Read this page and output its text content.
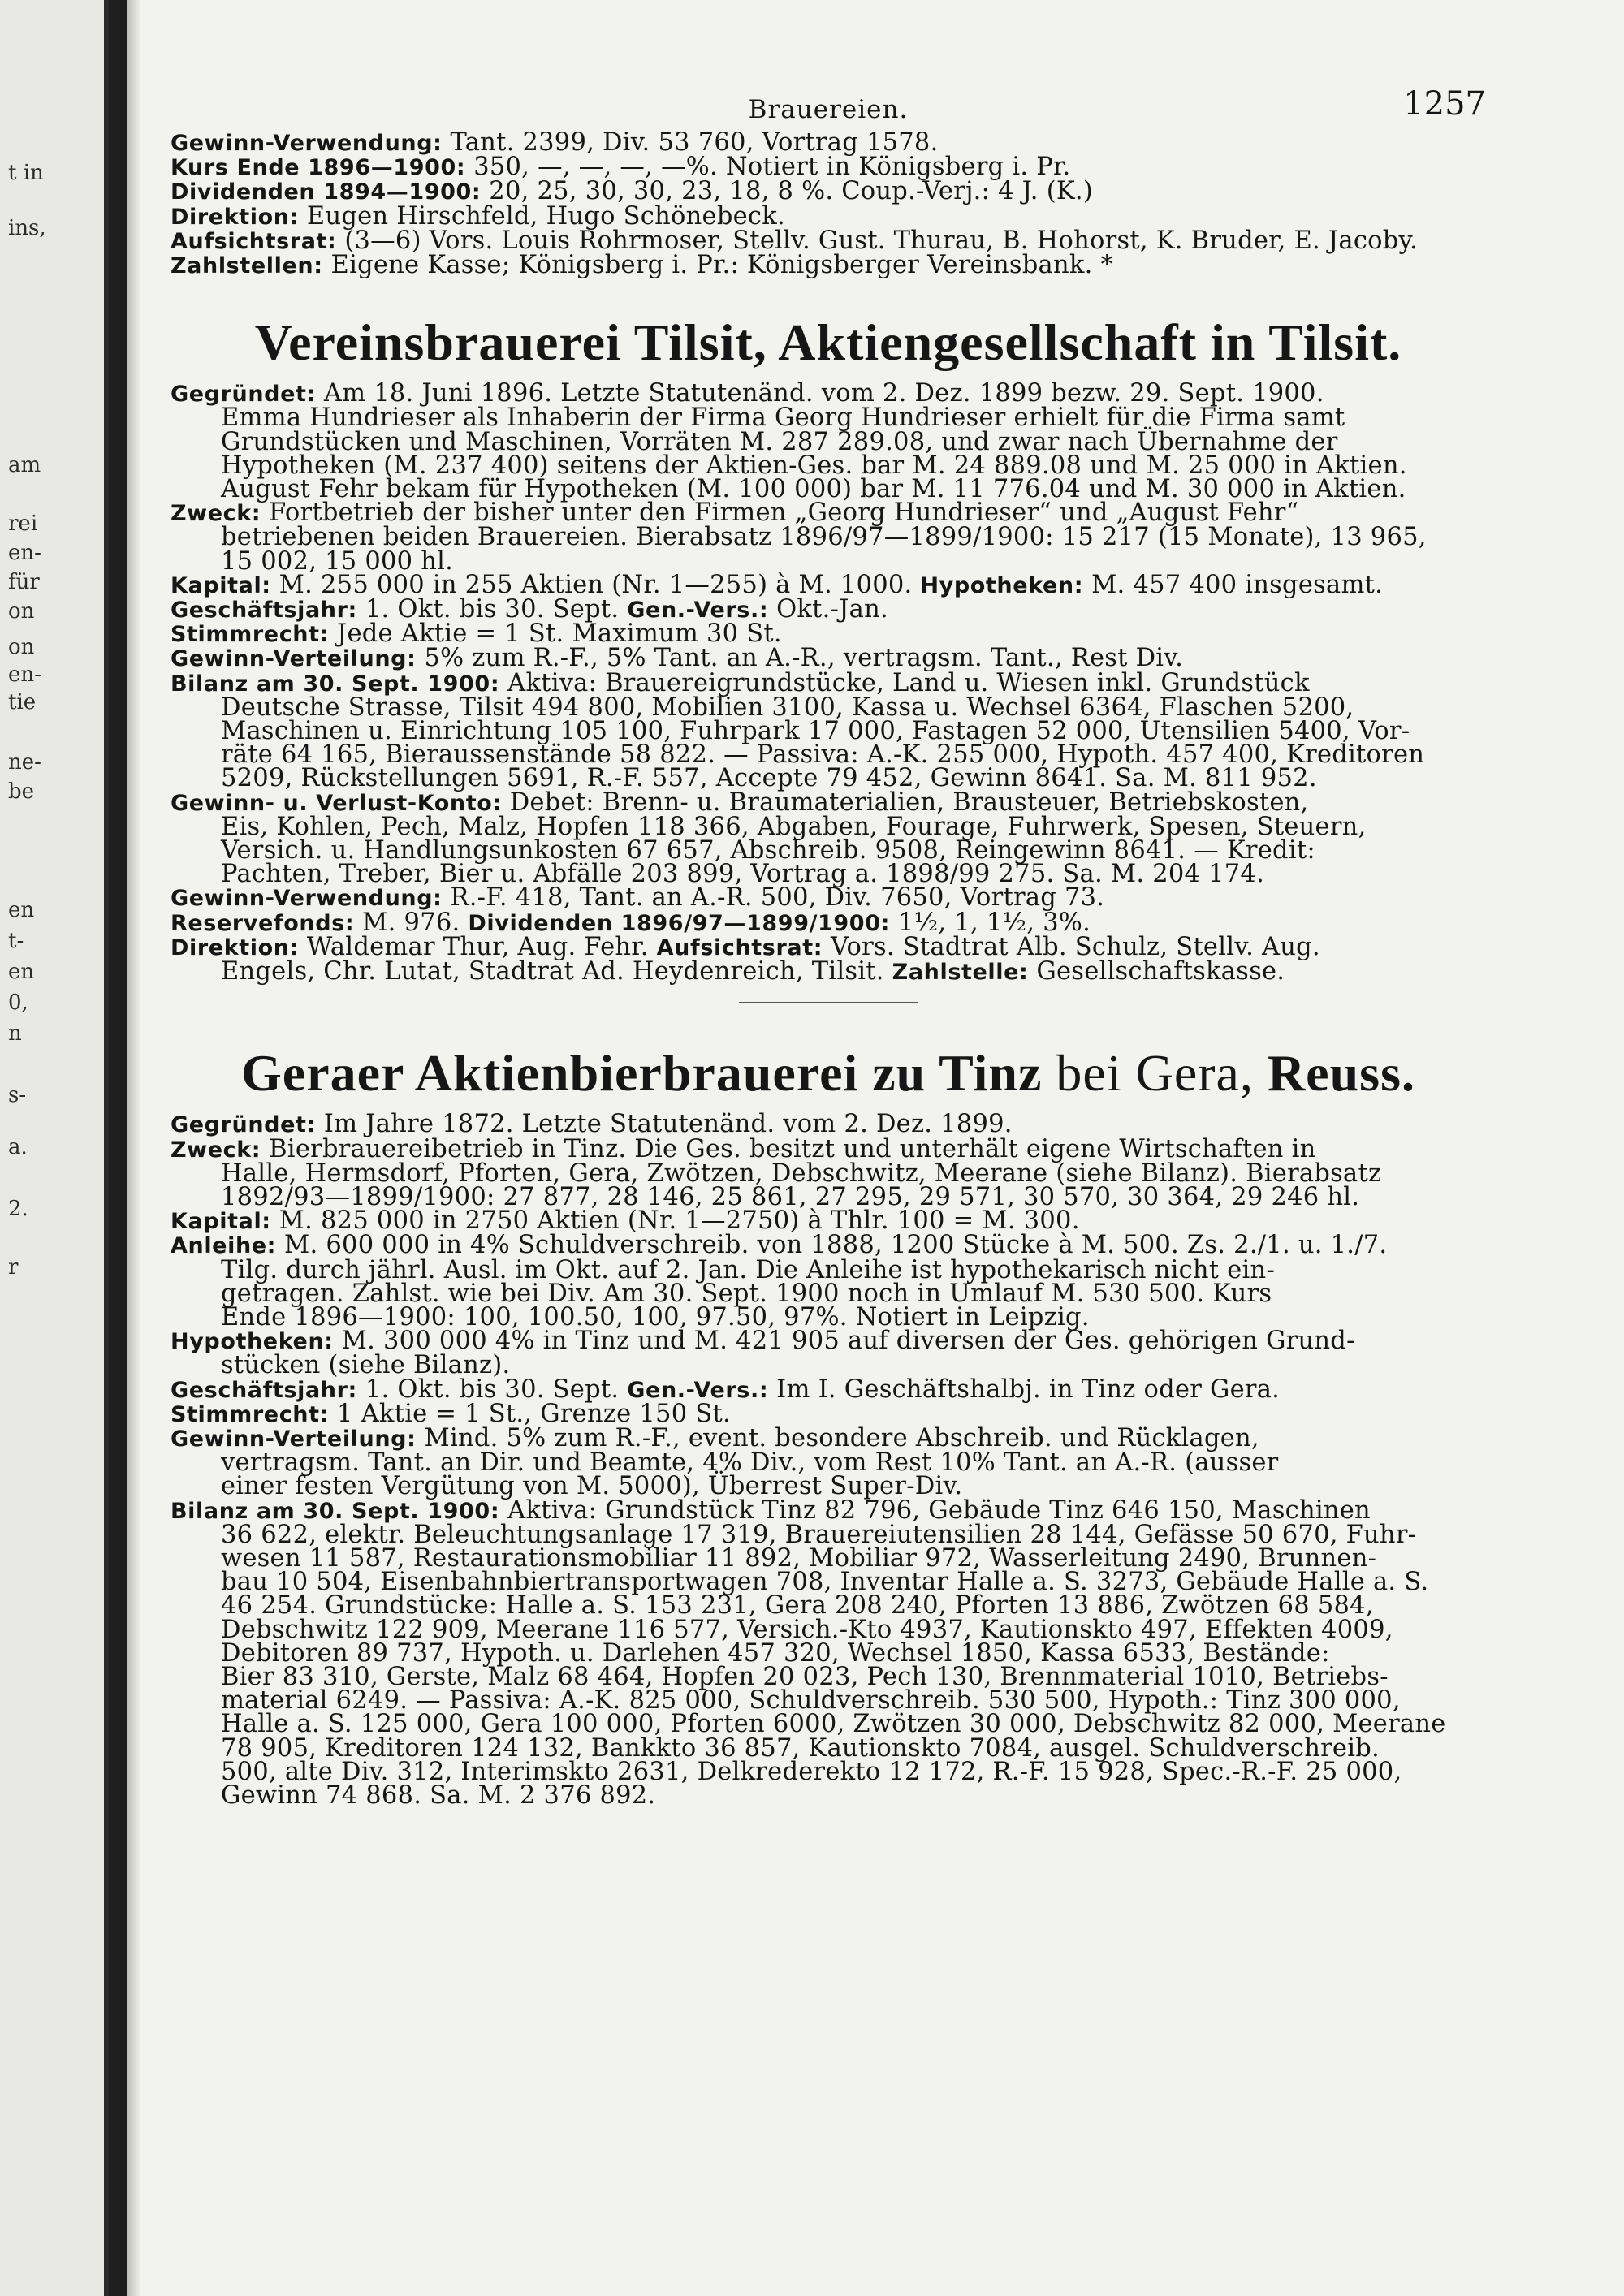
t in
ins,
am
rei
en-
für
on
on
en-
tie
ne-
be
en
t-
en
0,
n
s-
a.
2.
r
Brauereien.	1257
Gewinn-Verwendung: Tant. 2399, Div. 53 760, Vortrag 1578.
Kurs Ende 1896—1900: 350, —, —, —, —%. Notiert in Königsberg i. Pr.
Dividenden 1894—1900: 20, 25, 30, 30, 23, 18, 8 %. Coup.-Verj.: 4 J. (K.)
Direktion: Eugen Hirschfeld, Hugo Schönebeck.
Aufsichtsrat: (3—6) Vors. Louis Rohrmoser, Stellv. Gust. Thurau, B. Hohorst, K. Bruder, E. Jacoby.
Zahlstellen: Eigene Kasse; Königsberg i. Pr.: Königsberger Vereinsbank. *
Vereinsbrauerei Tilsit, Aktiengesellschaft in Tilsit.
Gegründet: Am 18. Juni 1896. Letzte Statutenänd. vom 2. Dez. 1899 bezw. 29. Sept. 1900.
Emma Hundrieser als Inhaberin der Firma Georg Hundrieser erhielt für die Firma samt
Grundstücken und Maschinen, Vorräten M. 287 289.08, und zwar nach Übernahme der
Hypotheken (M. 237 400) seitens der Aktien-Ges. bar M. 24 889.08 und M. 25 000 in Aktien.
August Fehr bekam für Hypotheken (M. 100 000) bar M. 11 776.04 und M. 30 000 in Aktien.
Zweck: Fortbetrieb der bisher unter den Firmen „Georg Hundrieser“ und „August Fehr“
betriebenen beiden Brauereien. Bierabsatz 1896/97—1899/1900: 15 217 (15 Monate), 13 965,
15 002, 15 000 hl.
Kapital: M. 255 000 in 255 Aktien (Nr. 1—255) à M. 1000. Hypotheken: M. 457 400 insgesamt.
Geschäftsjahr: 1. Okt. bis 30. Sept. Gen.-Vers.: Okt.-Jan.
Stimmrecht: Jede Aktie = 1 St. Maximum 30 St.
Gewinn-Verteilung: 5% zum R.-F., 5% Tant. an A.-R., vertragsm. Tant., Rest Div.
Bilanz am 30. Sept. 1900: Aktiva: Brauereigrundstücke, Land u. Wiesen inkl. Grundstück
Deutsche Strasse, Tilsit 494 800, Mobilien 3100, Kassa u. Wechsel 6364, Flaschen 5200,
Maschinen u. Einrichtung 105 100, Fuhrpark 17 000, Fastagen 52 000, Utensilien 5400, Vor-
räte 64 165, Bieraussenstände 58 822. — Passiva: A.-K. 255 000, Hypoth. 457 400, Kreditoren
5209, Rückstellungen 5691, R.-F. 557, Accepte 79 452, Gewinn 8641. Sa. M. 811 952.
Gewinn- u. Verlust-Konto: Debet: Brenn- u. Braumaterialien, Brausteuer, Betriebskosten,
Eis, Kohlen, Pech, Malz, Hopfen 118 366, Abgaben, Fourage, Fuhrwerk, Spesen, Steuern,
Versich. u. Handlungsunkosten 67 657, Abschreib. 9508, Reingewinn 8641. — Kredit:
Pachten, Treber, Bier u. Abfälle 203 899, Vortrag a. 1898/99 275. Sa. M. 204 174.
Gewinn-Verwendung: R.-F. 418, Tant. an A.-R. 500, Div. 7650, Vortrag 73.
Reservefonds: M. 976. Dividenden 1896/97—1899/1900: 1½, 1, 1½, 3%.
Direktion: Waldemar Thur, Aug. Fehr. Aufsichtsrat: Vors. Stadtrat Alb. Schulz, Stellv. Aug.
Engels, Chr. Lutat, Stadtrat Ad. Heydenreich, Tilsit. Zahlstelle: Gesellschaftskasse.
Geraer Aktienbierbrauerei zu Tinz bei Gera, Reuss.
Gegründet: Im Jahre 1872. Letzte Statutenänd. vom 2. Dez. 1899.
Zweck: Bierbrauereibetrieb in Tinz. Die Ges. besitzt und unterhält eigene Wirtschaften in
Halle, Hermsdorf, Pforten, Gera, Zwötzen, Debschwitz, Meerane (siehe Bilanz). Bierabsatz
1892/93—1899/1900: 27 877, 28 146, 25 861, 27 295, 29 571, 30 570, 30 364, 29 246 hl.
Kapital: M. 825 000 in 2750 Aktien (Nr. 1—2750) à Thlr. 100 = M. 300.
Anleihe: M. 600 000 in 4% Schuldverschreib. von 1888, 1200 Stücke à M. 500. Zs. 2./1. u. 1./7.
Tilg. durch jährl. Ausl. im Okt. auf 2. Jan. Die Anleihe ist hypothekarisch nicht ein-
getragen. Zahlst. wie bei Div. Am 30. Sept. 1900 noch in Umlauf M. 530 500. Kurs
Ende 1896—1900: 100, 100.50, 100, 97.50, 97%. Notiert in Leipzig.
Hypotheken: M. 300 000 4% in Tinz und M. 421 905 auf diversen der Ges. gehörigen Grund-
stücken (siehe Bilanz).
Geschäftsjahr: 1. Okt. bis 30. Sept. Gen.-Vers.: Im I. Geschäftshalbj. in Tinz oder Gera.
Stimmrecht: 1 Aktie = 1 St., Grenze 150 St.
Gewinn-Verteilung: Mind. 5% zum R.-F., event. besondere Abschreib. und Rücklagen,
vertragsm. Tant. an Dir. und Beamte, 4% Div., vom Rest 10% Tant. an A.-R. (ausser
einer festen Vergütung von M. 5000), Überrest Super-Div.
Bilanz am 30. Sept. 1900: Aktiva: Grundstück Tinz 82 796, Gebäude Tinz 646 150, Maschinen
36 622, elektr. Beleuchtungsanlage 17 319, Brauereiutensilien 28 144, Gefässe 50 670, Fuhr-
wesen 11 587, Restaurationsmobiliar 11 892, Mobiliar 972, Wasserleitung 2490, Brunnen-
bau 10 504, Eisenbahnbiertransportwagen 708, Inventar Halle a. S. 3273, Gebäude Halle a. S.
46 254. Grundstücke: Halle a. S. 153 231, Gera 208 240, Pforten 13 886, Zwötzen 68 584,
Debschwitz 122 909, Meerane 116 577, Versich.-Kto 4937, Kautionskto 497, Effekten 4009,
Debitoren 89 737, Hypoth. u. Darlehen 457 320, Wechsel 1850, Kassa 6533, Bestände:
Bier 83 310, Gerste, Malz 68 464, Hopfen 20 023, Pech 130, Brennmaterial 1010, Betriebs-
material 6249. — Passiva: A.-K. 825 000, Schuldverschreib. 530 500, Hypoth.: Tinz 300 000,
Halle a. S. 125 000, Gera 100 000, Pforten 6000, Zwötzen 30 000, Debschwitz 82 000, Meerane
78 905, Kreditoren 124 132, Bankkto 36 857, Kautionskto 7084, ausgel. Schuldverschreib.
500, alte Div. 312, Interimskto 2631, Delkrederekto 12 172, R.-F. 15 928, Spec.-R.-F. 25 000,
Gewinn 74 868. Sa. M. 2 376 892.
